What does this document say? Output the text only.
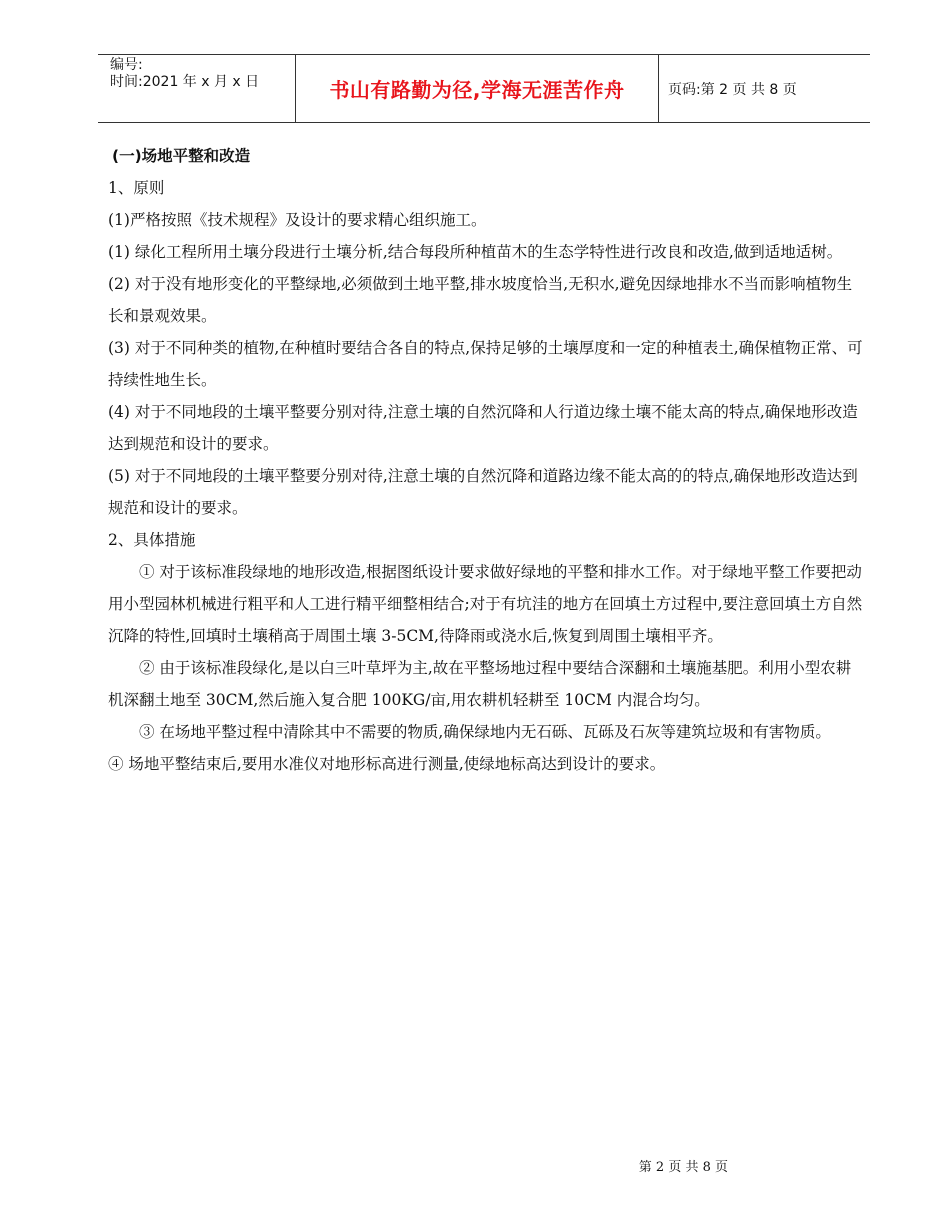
编号:
时间:2021 年 x 月 x 日	书山有路勤为径,学海无涯苦作舟	页码:第 2 页 共 8 页

(一)场地平整和改造

1、原则

(1)严格按照《技术规程》及设计的要求精心组织施工。

(1) 绿化工程所用土壤分段进行土壤分析,结合每段所种植苗木的生态学特性进行改良和改造,做到适地适树。

(2) 对于没有地形变化的平整绿地,必须做到土地平整,排水坡度恰当,无积水,避免因绿地排水不当而影响植物生长和景观效果。

(3) 对于不同种类的植物,在种植时要结合各自的特点,保持足够的土壤厚度和一定的种植表土,确保植物正常、可持续性地生长。

(4) 对于不同地段的土壤平整要分别对待,注意土壤的自然沉降和人行道边缘土壤不能太高的特点,确保地形改造达到规范和设计的要求。

(5) 对于不同地段的土壤平整要分别对待,注意土壤的自然沉降和道路边缘不能太高的的特点,确保地形改造达到规范和设计的要求。

2、具体措施

① 对于该标准段绿地的地形改造,根据图纸设计要求做好绿地的平整和排水工作。对于绿地平整工作要把动用小型园林机械进行粗平和人工进行精平细整相结合;对于有坑洼的地方在回填土方过程中,要注意回填土方自然沉降的特性,回填时土壤稍高于周围土壤 3-5CM,待降雨或浇水后,恢复到周围土壤相平齐。

② 由于该标准段绿化,是以白三叶草坪为主,故在平整场地过程中要结合深翻和土壤施基肥。利用小型农耕机深翻土地至 30CM,然后施入复合肥 100KG/亩,用农耕机轻耕至 10CM 内混合均匀。

③ 在场地平整过程中清除其中不需要的物质,确保绿地内无石砾、瓦砾及石灰等建筑垃圾和有害物质。

④ 场地平整结束后,要用水准仪对地形标高进行测量,使绿地标高达到设计的要求。

第 2 页 共 8 页
